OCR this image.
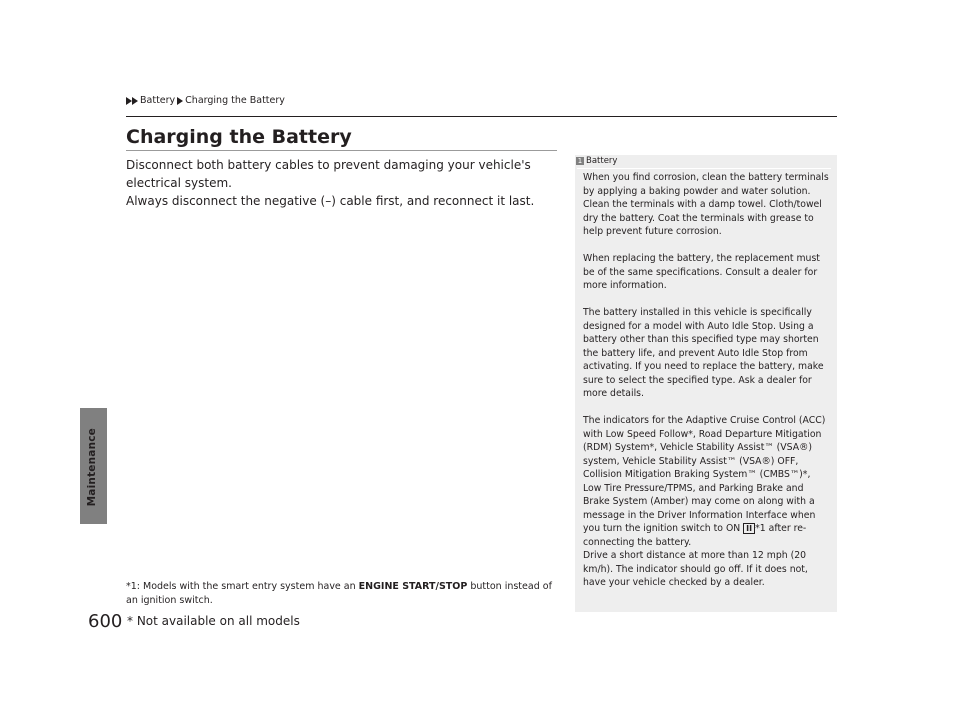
Maintenance
600
Battery Charging the Battery
Charging the Battery

Disconnect both battery cables to prevent damaging your vehicle's electrical system.

Always disconnect the negative (–) cable first, and reconnect it last.

*1: Models with the smart entry system have an ENGINE START/STOP button instead of an ignition switch.
* Not available on all models
1 Battery

When you find corrosion, clean the battery terminals by applying a baking powder and water solution. Clean the terminals with a damp towel. Cloth/towel dry the battery. Coat the terminals with grease to help prevent future corrosion.

When replacing the battery, the replacement must be of the same specifications. Consult a dealer for more information.

The battery installed in this vehicle is specifically designed for a model with Auto Idle Stop. Using a battery other than this specified type may shorten the battery life, and prevent Auto Idle Stop from activating. If you need to replace the battery, make sure to select the specified type. Ask a dealer for more details.

The indicators for the Adaptive Cruise Control (ACC) with Low Speed Follow*, Road Departure Mitigation (RDM) System*, Vehicle Stability Assist™ (VSA®) system, Vehicle Stability Assist™ (VSA®) OFF, Collision Mitigation Braking System™ (CMBS™)*, Low Tire Pressure/TPMS, and Parking Brake and Brake System (Amber) may come on along with a message in the Driver Information Interface when you turn the ignition switch to ON II *1 after re-connecting the battery.
Drive a short distance at more than 12 mph (20 km/h). The indicator should go off. If it does not, have your vehicle checked by a dealer.
